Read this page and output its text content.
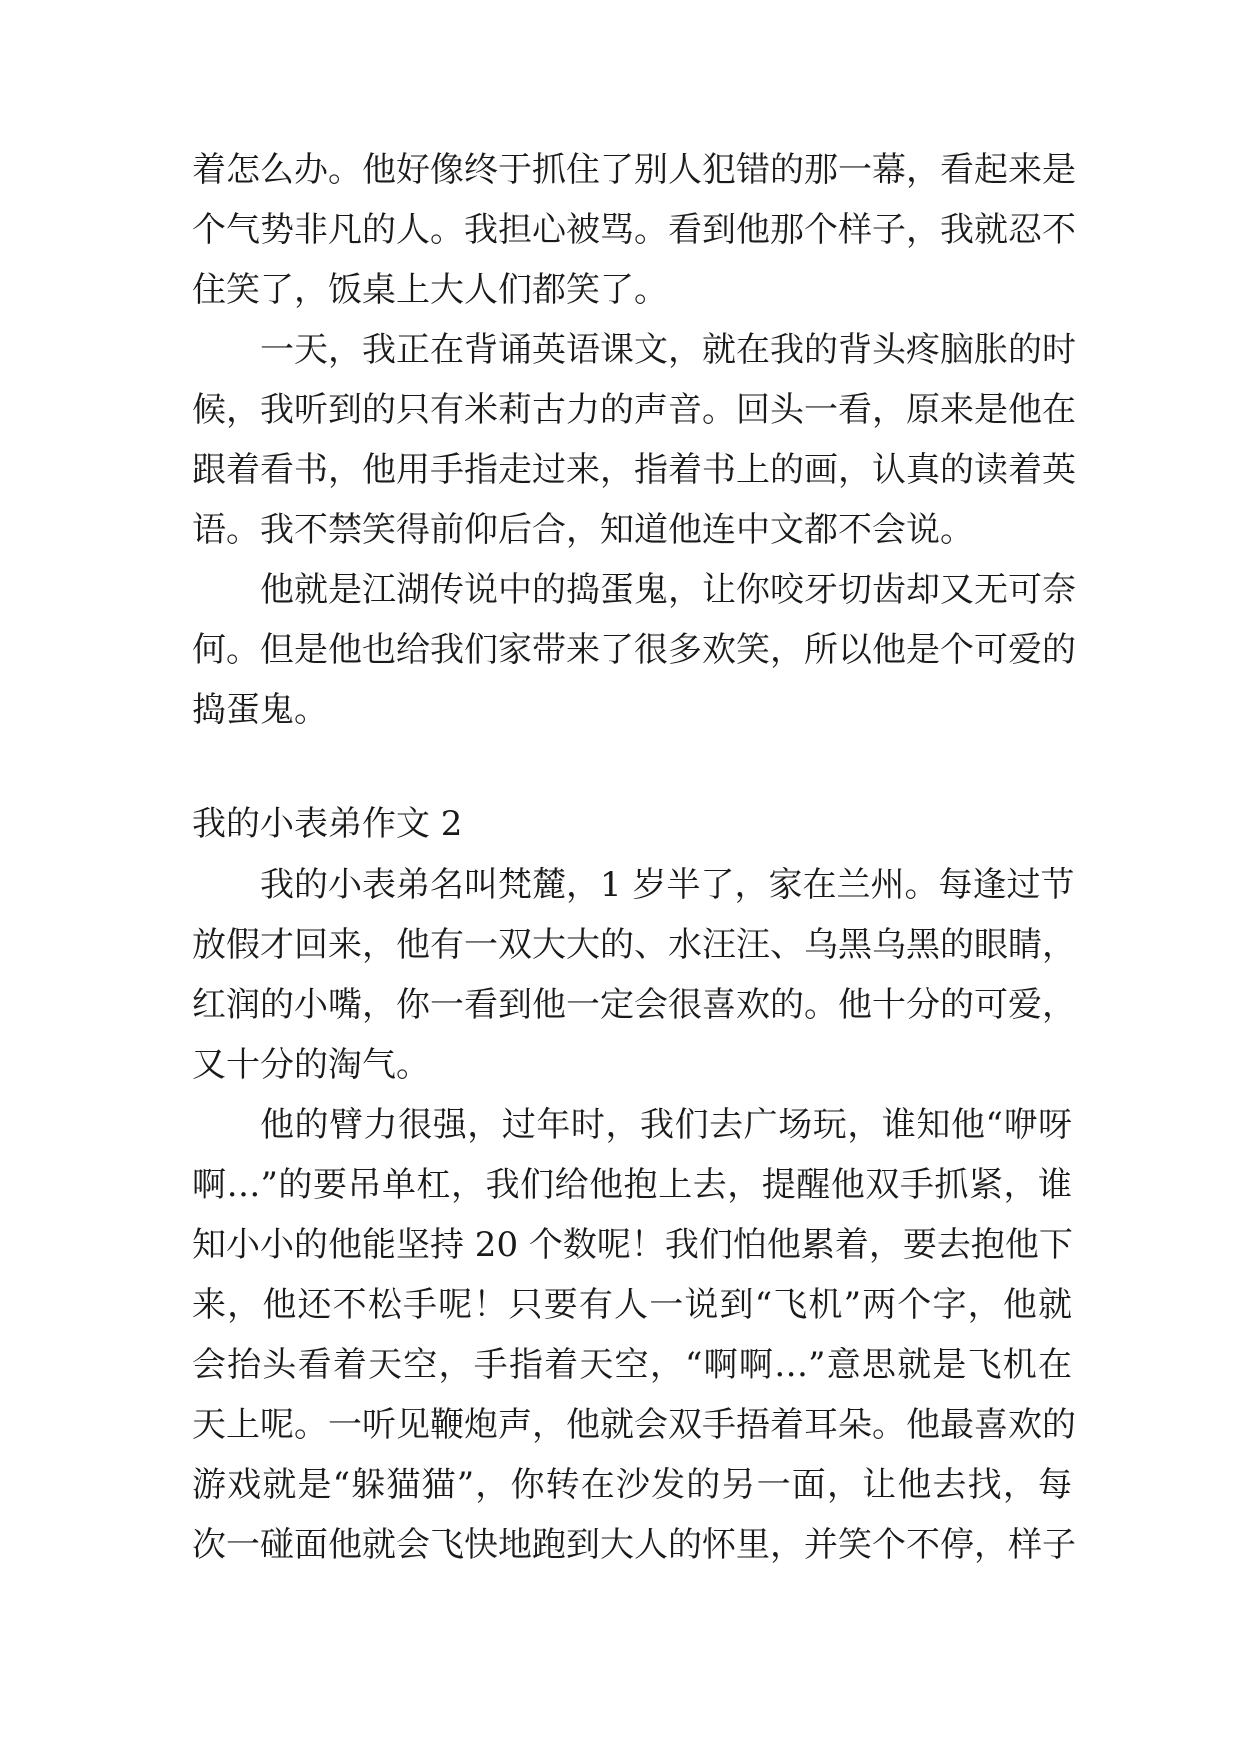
着怎么办。他好像终于抓住了别人犯错的那一幕，看起来是
个气势非凡的人。我担心被骂。看到他那个样子，我就忍不
住笑了，饭桌上大人们都笑了。
一天，我正在背诵英语课文，就在我的背头疼脑胀的时
候，我听到的只有米莉古力的声音。回头一看，原来是他在
跟着看书，他用手指走过来，指着书上的画，认真的读着英
语。我不禁笑得前仰后合，知道他连中文都不会说。
他就是江湖传说中的捣蛋鬼，让你咬牙切齿却又无可奈
何。但是他也给我们家带来了很多欢笑，所以他是个可爱的
捣蛋鬼。
我的小表弟作文 2
我的小表弟名叫梵麓，1 岁半了，家在兰州。每逢过节
放假才回来，他有一双大大的、水汪汪、乌黑乌黑的眼睛，
红润的小嘴，你一看到他一定会很喜欢的。他十分的可爱，
又十分的淘气。
他的臂力很强，过年时，我们去广场玩，谁知他“咿呀
啊…”的要吊单杠，我们给他抱上去，提醒他双手抓紧，谁
知小小的他能坚持 20 个数呢！我们怕他累着，要去抱他下
来，他还不松手呢！只要有人一说到“飞机”两个字，他就
会抬头看着天空，手指着天空，“啊啊…”意思就是飞机在
天上呢。一听见鞭炮声，他就会双手捂着耳朵。他最喜欢的
游戏就是“躲猫猫”，你转在沙发的另一面，让他去找，每
次一碰面他就会飞快地跑到大人的怀里，并笑个不停，样子
